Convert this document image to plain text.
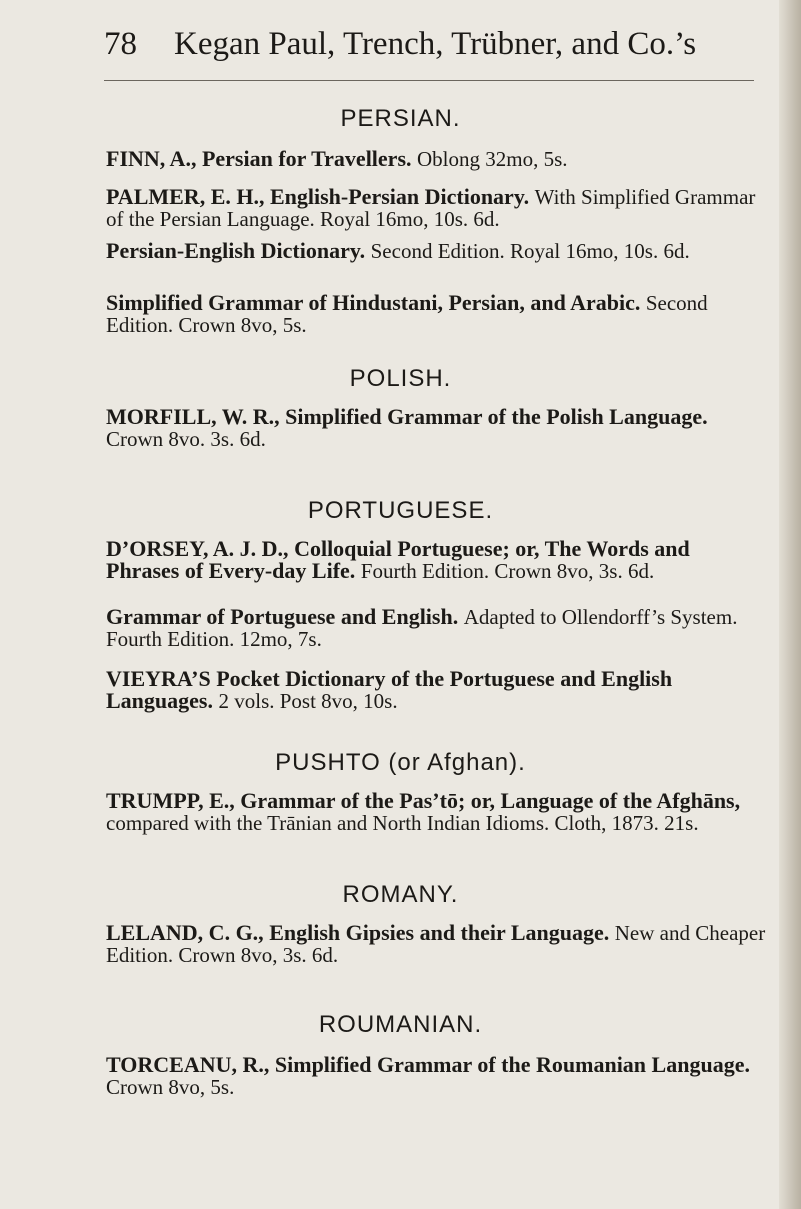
78 Kegan Paul, Trench, Trübner, and Co.’s
PERSIAN.

FINN, A., Persian for Travellers. Oblong 32mo, 5s.

PALMER, E. H., English-Persian Dictionary. With Simplified Grammar of the Persian Language. Royal 16mo, 10s. 6d.

Persian-English Dictionary. Second Edition. Royal 16mo, 10s. 6d.

Simplified Grammar of Hindustani, Persian, and Arabic. Second Edition. Crown 8vo, 5s.

POLISH.

MORFILL, W. R., Simplified Grammar of the Polish Language. Crown 8vo. 3s. 6d.

PORTUGUESE.

D’ORSEY, A. J. D., Colloquial Portuguese; or, The Words and Phrases of Every-day Life. Fourth Edition. Crown 8vo, 3s. 6d.

Grammar of Portuguese and English. Adapted to Ollendorff’s System. Fourth Edition. 12mo, 7s.

VIEYRA’S Pocket Dictionary of the Portuguese and English Languages. 2 vols. Post 8vo, 10s.

PUSHTO (or Afghan).

TRUMPP, E., Grammar of the Pas’tō; or, Language of the Afghāns, compared with the Trānian and North Indian Idioms. Cloth, 1873. 21s.

ROMANY.

LELAND, C. G., English Gipsies and their Language. New and Cheaper Edition. Crown 8vo, 3s. 6d.

ROUMANIAN.

TORCEANU, R., Simplified Grammar of the Roumanian Language. Crown 8vo, 5s.
